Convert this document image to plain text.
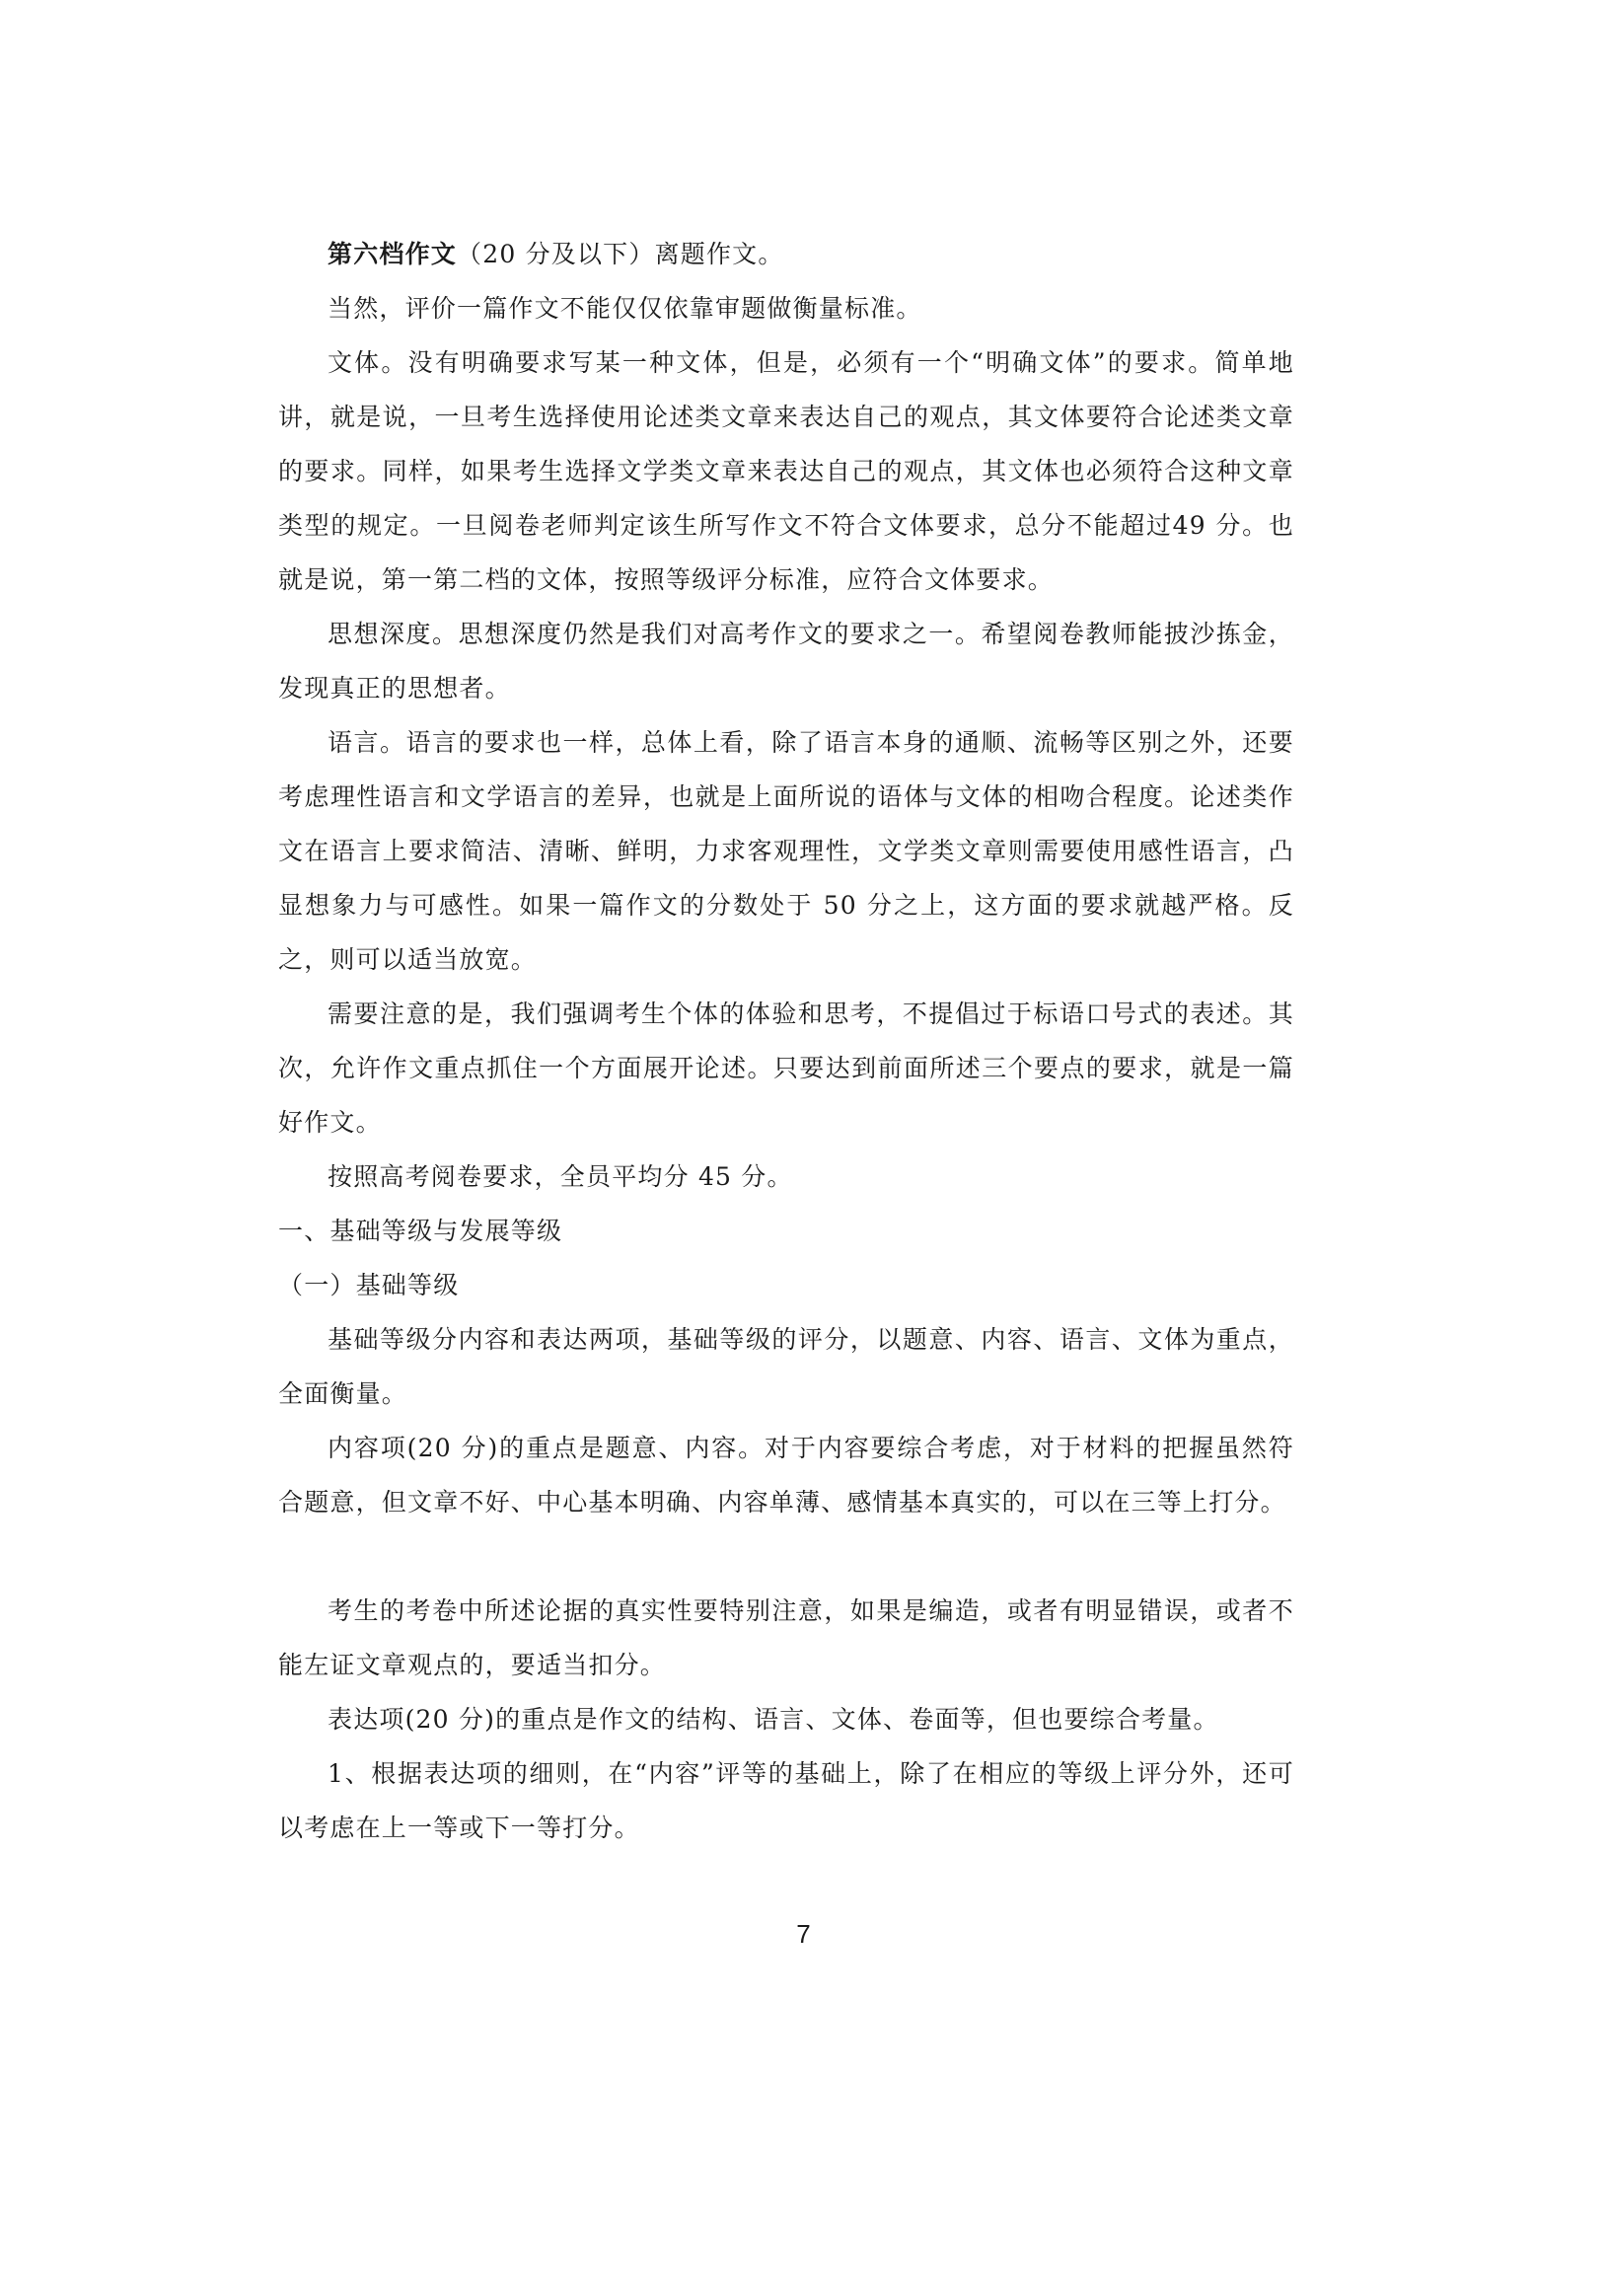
第六档作文（20 分及以下）离题作文。

当然，评价一篇作文不能仅仅依靠审题做衡量标准。

文体。没有明确要求写某一种文体，但是，必须有一个“明确文体”的要求。简单地讲，就是说，一旦考生选择使用论述类文章来表达自己的观点，其文体要符合论述类文章的要求。同样，如果考生选择文学类文章来表达自己的观点，其文体也必须符合这种文章类型的规定。一旦阅卷老师判定该生所写作文不符合文体要求，总分不能超过49 分。也就是说，第一第二档的文体，按照等级评分标准，应符合文体要求。

思想深度。思想深度仍然是我们对高考作文的要求之一。希望阅卷教师能披沙拣金，发现真正的思想者。

语言。语言的要求也一样，总体上看，除了语言本身的通顺、流畅等区别之外，还要考虑理性语言和文学语言的差异，也就是上面所说的语体与文体的相吻合程度。论述类作文在语言上要求简洁、清晰、鲜明，力求客观理性，文学类文章则需要使用感性语言，凸显想象力与可感性。如果一篇作文的分数处于 50 分之上，这方面的要求就越严格。反之，则可以适当放宽。

需要注意的是，我们强调考生个体的体验和思考，不提倡过于标语口号式的表述。其次，允许作文重点抓住一个方面展开论述。只要达到前面所述三个要点的要求，就是一篇好作文。

按照高考阅卷要求，全员平均分 45 分。

一、基础等级与发展等级

（一）基础等级

基础等级分内容和表达两项，基础等级的评分，以题意、内容、语言、文体为重点，全面衡量。

内容项(20 分)的重点是题意、内容。对于内容要综合考虑，对于材料的把握虽然符合题意，但文章不好、中心基本明确、内容单薄、感情基本真实的，可以在三等上打分。

考生的考卷中所述论据的真实性要特别注意，如果是编造，或者有明显错误，或者不能左证文章观点的，要适当扣分。

表达项(20 分)的重点是作文的结构、语言、文体、卷面等，但也要综合考量。

1、根据表达项的细则，在“内容”评等的基础上，除了在相应的等级上评分外，还可以考虑在上一等或下一等打分。

7
